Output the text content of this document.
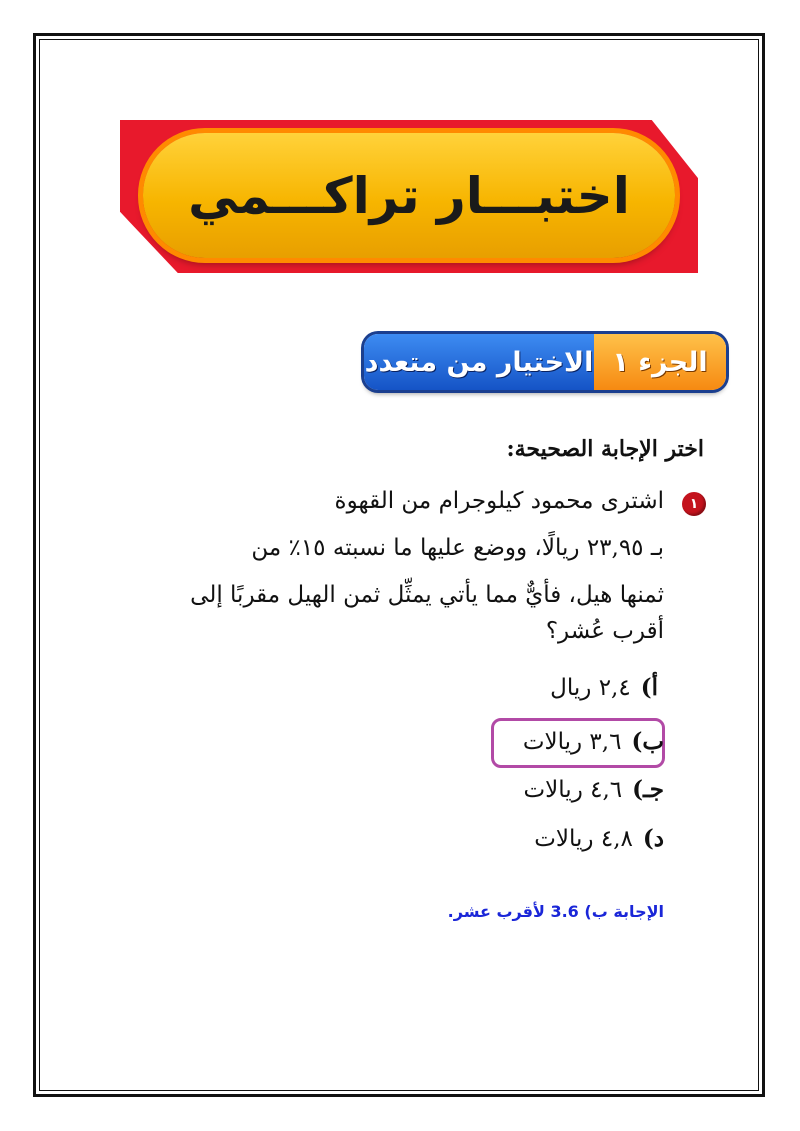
اختبـــار تراكـــمي
الجزء ١
الاختيار من متعدد
اختر الإجابة الصحيحة:
١
اشترى محمود كيلوجرام من القهوة
بـ ٢٣,٩٥ ريالًا، ووضع عليها ما نسبته ١٥٪ من
ثمنها هيل، فأيٌّ مما يأتي يمثِّل ثمن الهيل مقربًا إلى
أقرب عُشر؟
أ)
٢,٤ ريال
ب)
٣,٦ ريالات
جـ)
٤,٦ ريالات
د)
٤,٨ ريالات
الإجابة ب) 3.6 لأقرب عشر.
